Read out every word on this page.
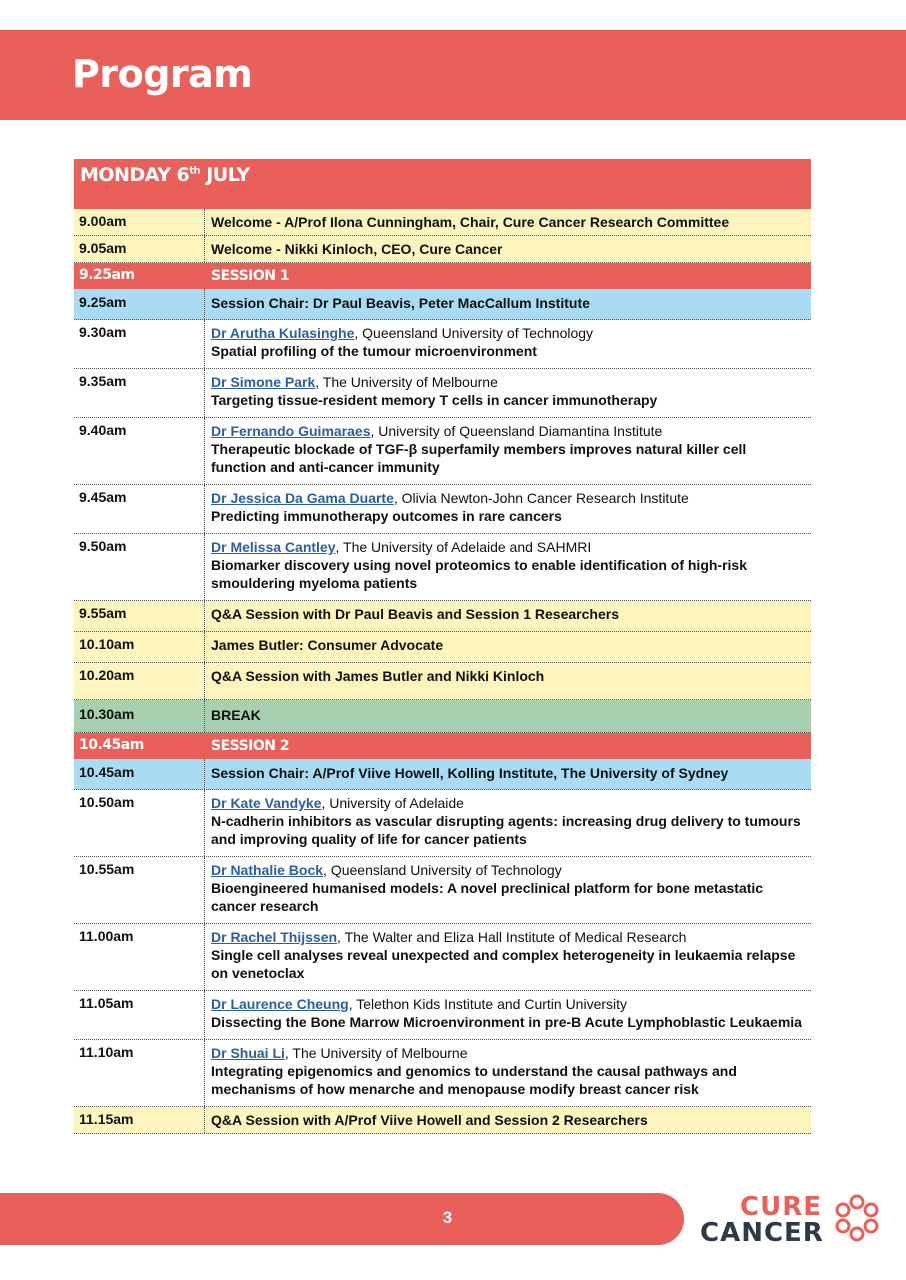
Program
MONDAY 6th JULY
9.00am	Welcome - A/Prof Ilona Cunningham, Chair, Cure Cancer Research Committee
9.05am	Welcome - Nikki Kinloch, CEO, Cure Cancer
9.25am	SESSION 1
9.25am	Session Chair: Dr Paul Beavis, Peter MacCallum Institute
9.30am	Dr Arutha Kulasinghe, Queensland University of Technology
Spatial profiling of the tumour microenvironment
9.35am	Dr Simone Park, The University of Melbourne
Targeting tissue-resident memory T cells in cancer immunotherapy
9.40am	Dr Fernando Guimaraes, University of Queensland Diamantina Institute
Therapeutic blockade of TGF-β superfamily members improves natural killer cell function and anti-cancer immunity
9.45am	Dr Jessica Da Gama Duarte, Olivia Newton-John Cancer Research Institute
Predicting immunotherapy outcomes in rare cancers
9.50am	Dr Melissa Cantley, The University of Adelaide and SAHMRI
Biomarker discovery using novel proteomics to enable identification of high-risk smouldering myeloma patients
9.55am	Q&A Session with Dr Paul Beavis and Session 1 Researchers
10.10am	James Butler: Consumer Advocate
10.20am	Q&A Session with James Butler and Nikki Kinloch
10.30am	BREAK
10.45am	SESSION 2
10.45am	Session Chair: A/Prof Viive Howell, Kolling Institute, The University of Sydney
10.50am	Dr Kate Vandyke, University of Adelaide
N-cadherin inhibitors as vascular disrupting agents: increasing drug delivery to tumours and improving quality of life for cancer patients
10.55am	Dr Nathalie Bock, Queensland University of Technology
Bioengineered humanised models: A novel preclinical platform for bone metastatic cancer research
11.00am	Dr Rachel Thijssen, The Walter and Eliza Hall Institute of Medical Research
Single cell analyses reveal unexpected and complex heterogeneity in leukaemia relapse on venetoclax
11.05am	Dr Laurence Cheung, Telethon Kids Institute and Curtin University
Dissecting the Bone Marrow Microenvironment in pre-B Acute Lymphoblastic Leukaemia
11.10am	Dr Shuai Li, The University of Melbourne
Integrating epigenomics and genomics to understand the causal pathways and mechanisms of how menarche and menopause modify breast cancer risk
11.15am	Q&A Session with A/Prof Viive Howell and Session 2 Researchers
3	CURE
CANCER
